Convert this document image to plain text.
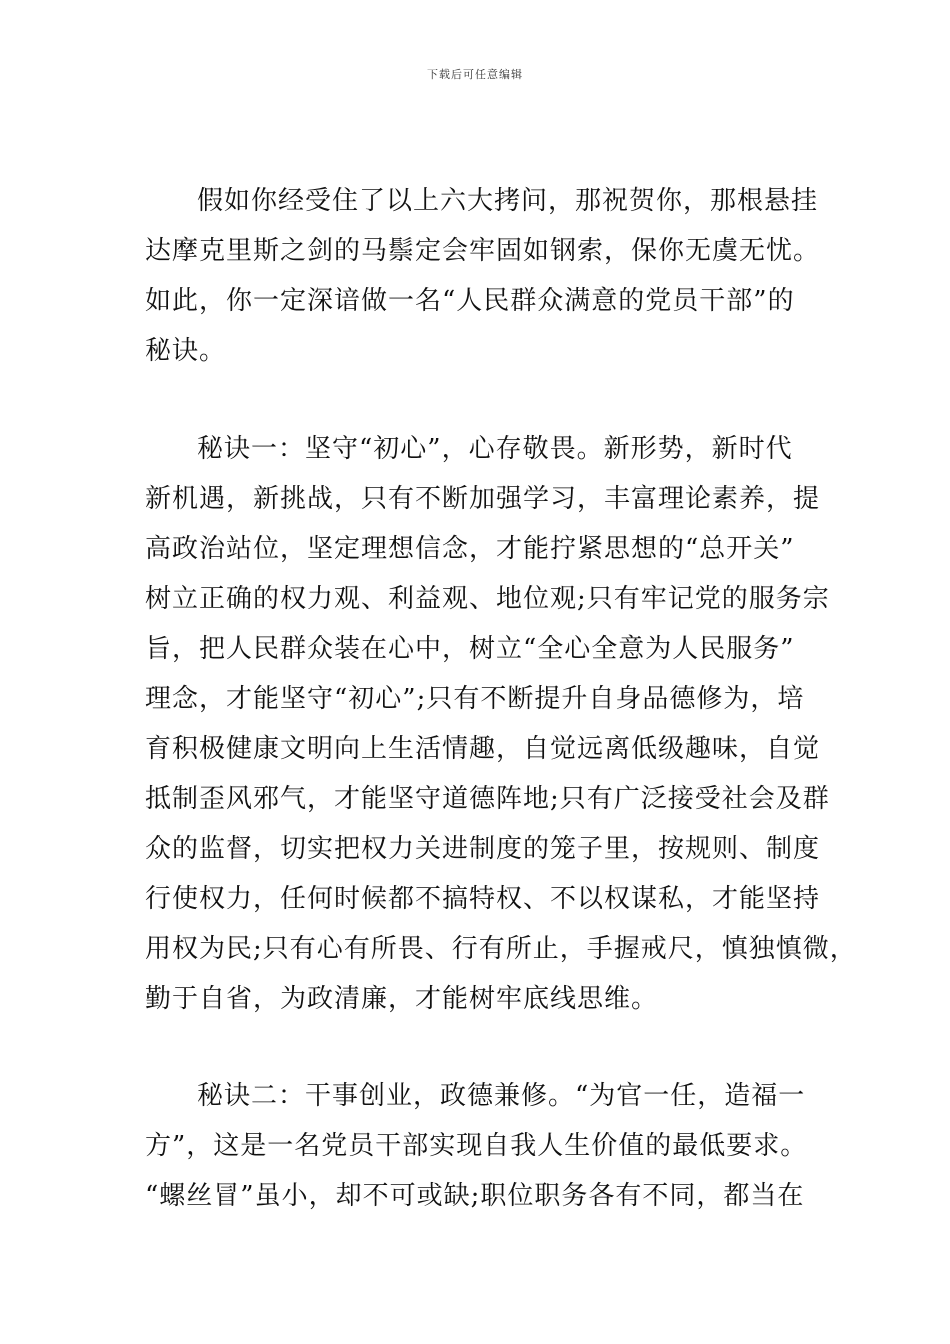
下载后可任意编辑
假如你经受住了以上六大拷问，那祝贺你，那根悬挂
达摩克里斯之剑的马鬃定会牢固如钢索，保你无虞无忧。
如此，你一定深谙做一名“人民群众满意的党员干部”的
秘诀。
秘诀一：坚守“初心”，心存敬畏。新形势，新时代
新机遇，新挑战，只有不断加强学习，丰富理论素养，提
高政治站位，坚定理想信念，才能拧紧思想的“总开关”
树立正确的权力观、利益观、地位观;只有牢记党的服务宗
旨，把人民群众装在心中，树立“全心全意为人民服务”
理念，才能坚守“初心”;只有不断提升自身品德修为，培
育积极健康文明向上生活情趣，自觉远离低级趣味，自觉
抵制歪风邪气，才能坚守道德阵地;只有广泛接受社会及群
众的监督，切实把权力关进制度的笼子里，按规则、制度
行使权力，任何时候都不搞特权、不以权谋私，才能坚持
用权为民;只有心有所畏、行有所止，手握戒尺，慎独慎微，
勤于自省，为政清廉，才能树牢底线思维。
秘诀二：干事创业，政德兼修。“为官一任，造福一
方”，这是一名党员干部实现自我人生价值的最低要求。
“螺丝冒”虽小，却不可或缺;职位职务各有不同，都当在
